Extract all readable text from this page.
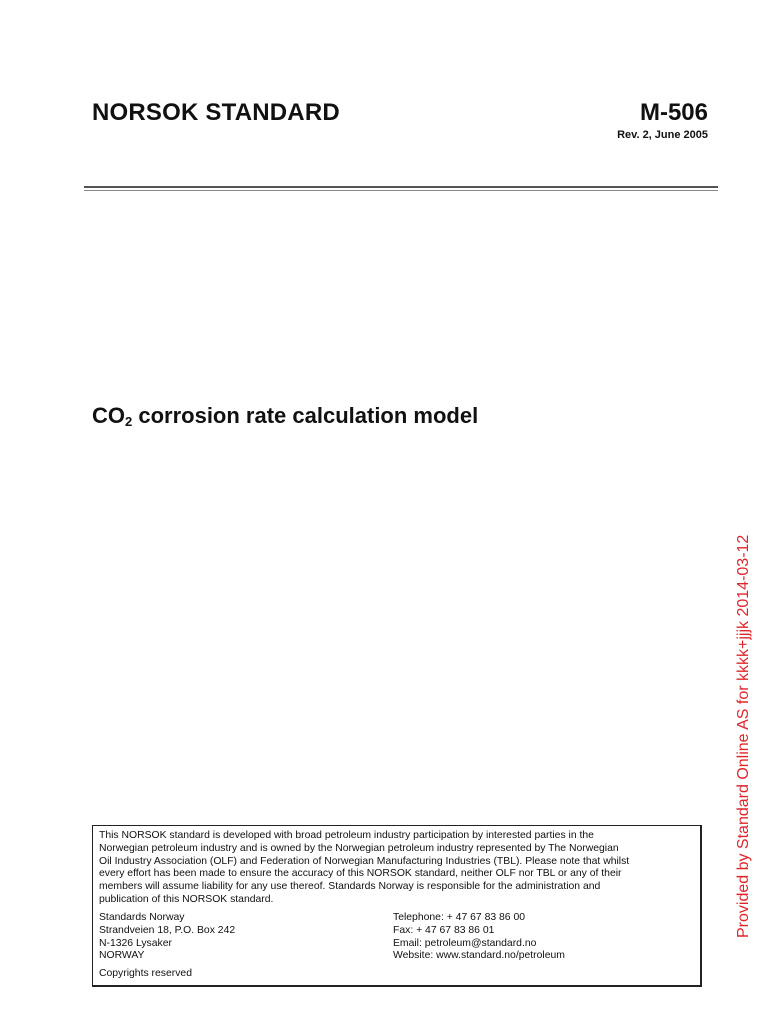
NORSOK STANDARD	M-506
Rev. 2, June 2005
$CO_2$ corrosion rate calculation model
Provided by Standard Online AS for kkkk+jjjk 2014-03-12
This NORSOK standard is developed with broad petroleum industry participation by interested parties in the
Norwegian petroleum industry and is owned by the Norwegian petroleum industry represented by The Norwegian
Oil Industry Association (OLF) and Federation of Norwegian Manufacturing Industries (TBL). Please note that whilst
every effort has been made to ensure the accuracy of this NORSOK standard, neither OLF nor TBL or any of their
members will assume liability for any use thereof. Standards Norway is responsible for the administration and
publication of this NORSOK standard.
Standards Norway
Strandveien 18, P.O. Box 242
N-1326 Lysaker
NORWAY
Telephone: + 47 67 83 86 00
Fax: + 47 67 83 86 01
Email: petroleum@standard.no
Website: www.standard.no/petroleum
Copyrights reserved
